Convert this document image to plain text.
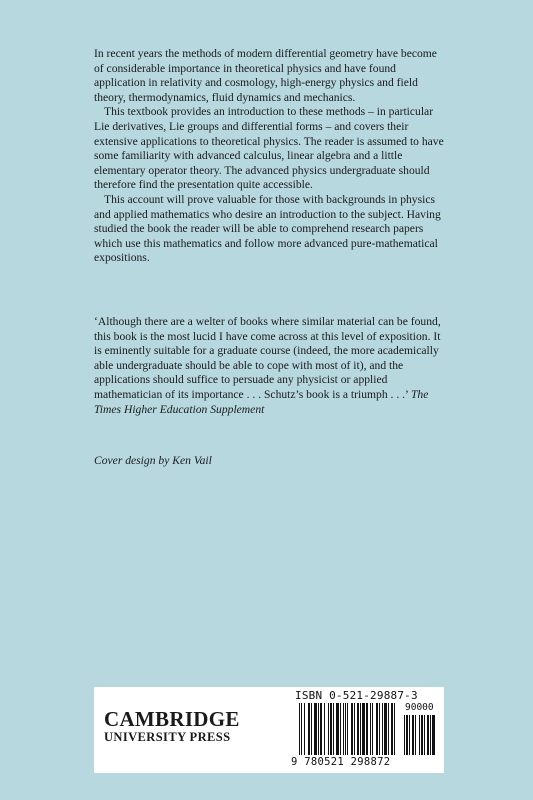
In recent years the methods of modern differential geometry have become of considerable importance in theoretical physics and have found application in relativity and cosmology, high-energy physics and field theory, thermodynamics, fluid dynamics and mechanics.

This textbook provides an introduction to these methods – in particular Lie derivatives, Lie groups and differential forms – and covers their extensive applications to theoretical physics. The reader is assumed to have some familiarity with advanced calculus, linear algebra and a little elementary operator theory. The advanced physics undergraduate should therefore find the presentation quite accessible.

This account will prove valuable for those with backgrounds in physics and applied mathematics who desire an introduction to the subject. Having studied the book the reader will be able to comprehend research papers which use this mathematics and follow more advanced pure-mathematical expositions.

‘Although there are a welter of books where similar material can be found, this book is the most lucid I have come across at this level of exposition. It is eminently suitable for a graduate course (indeed, the more academically able undergraduate should be able to cope with most of it), and the applications should suffice to persuade any physicist or applied mathematician of its importance . . . Schutz’s book is a triumph . . .’ The Times Higher Education Supplement
Cover design by Ken Vail
CAMBRIDGE
UNIVERSITY PRESS
ISBN 0-521-29887-3
90000
9 780521 298872
